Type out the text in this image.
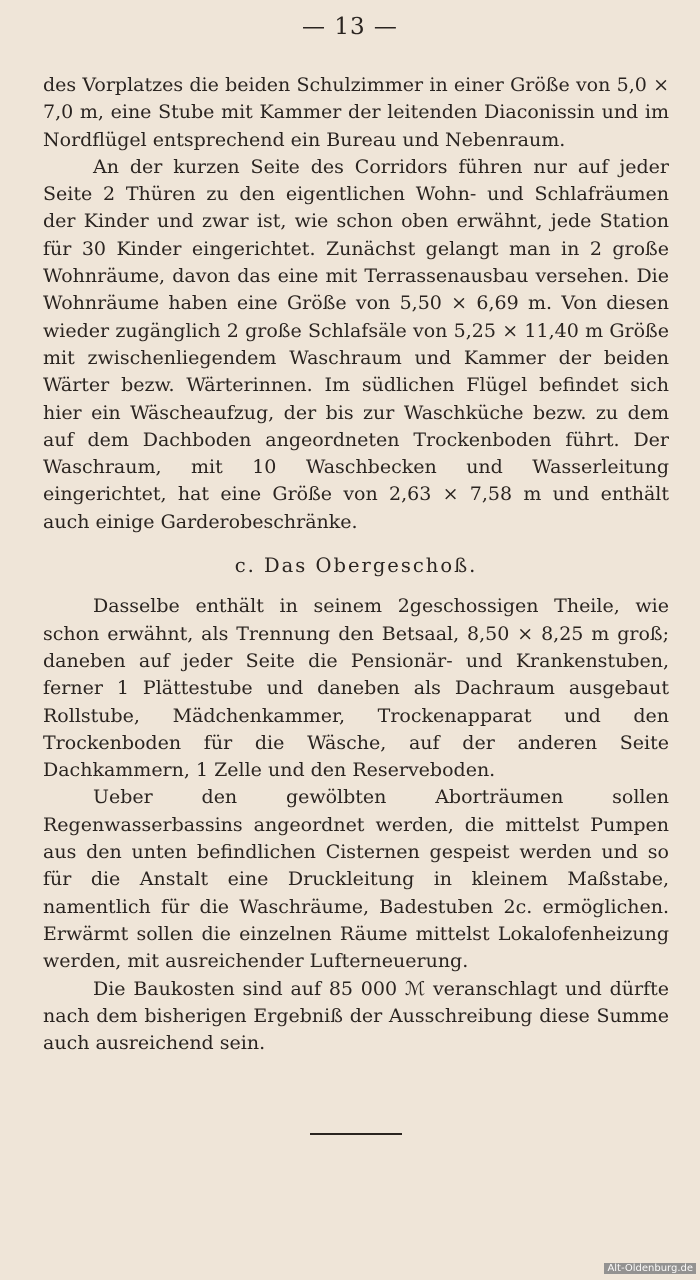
— 13 —

des Vorplatzes die beiden Schulzimmer in einer Größe von 5,0 × 7,0 m, eine Stube mit Kammer der leitenden Diaconissin und im Nordflügel entsprechend ein Bureau und Nebenraum.

An der kurzen Seite des Corridors führen nur auf jeder Seite 2 Thüren zu den eigentlichen Wohn- und Schlafräumen der Kinder und zwar ist, wie schon oben erwähnt, jede Station für 30 Kinder eingerichtet. Zunächst gelangt man in 2 große Wohnräume, davon das eine mit Terrassenausbau versehen. Die Wohnräume haben eine Größe von 5,50 × 6,69 m. Von diesen wieder zugänglich 2 große Schlafsäle von 5,25 × 11,40 m Größe mit zwischenliegendem Waschraum und Kammer der beiden Wärter bezw. Wärterinnen. Im südlichen Flügel befindet sich hier ein Wäscheaufzug, der bis zur Waschküche bezw. zu dem auf dem Dachboden angeordneten Trockenboden führt. Der Waschraum, mit 10 Waschbecken und Wasserleitung eingerichtet, hat eine Größe von 2,63 × 7,58 m und enthält auch einige Garderobeschränke.

c. Das Obergeschoß.

Dasselbe enthält in seinem 2geschossigen Theile, wie schon erwähnt, als Trennung den Betsaal, 8,50 × 8,25 m groß; daneben auf jeder Seite die Pensionär- und Krankenstuben, ferner 1 Plättestube und daneben als Dachraum ausgebaut Rollstube, Mädchenkammer, Trockenapparat und den Trockenboden für die Wäsche, auf der anderen Seite Dachkammern, 1 Zelle und den Reserveboden.

Ueber den gewölbten Aborträumen sollen Regenwasserbassins angeordnet werden, die mittelst Pumpen aus den unten befindlichen Cisternen gespeist werden und so für die Anstalt eine Druckleitung in kleinem Maßstabe, namentlich für die Waschräume, Badestuben 2c. ermöglichen. Erwärmt sollen die einzelnen Räume mittelst Lokalofenheizung werden, mit ausreichender Lufterneuerung.

Die Baukosten sind auf 85 000 ℳ veranschlagt und dürfte nach dem bisherigen Ergebniß der Ausschreibung diese Summe auch ausreichend sein.

Alt-Oldenburg.de
